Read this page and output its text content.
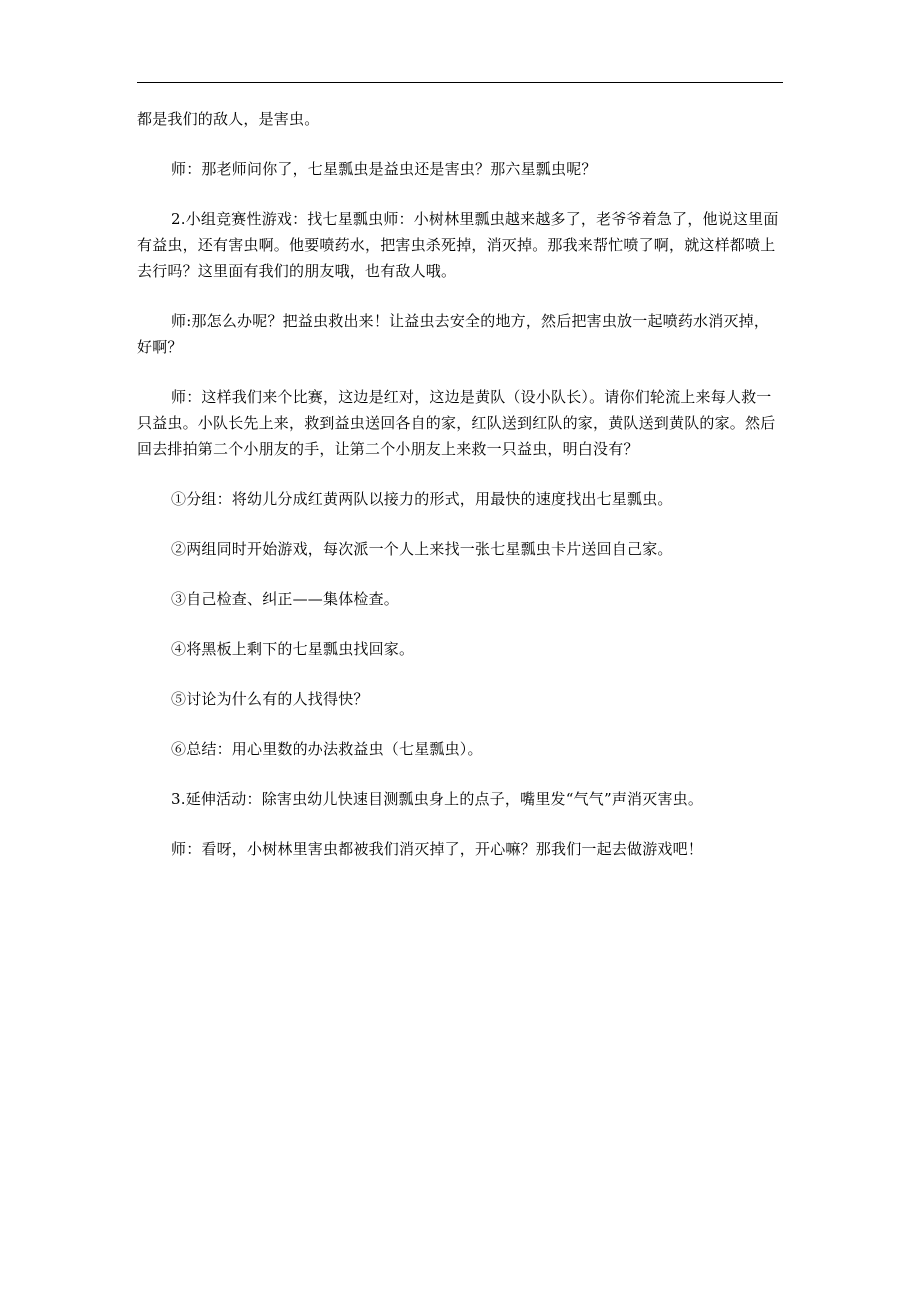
都是我们的敌人，是害虫。

师：那老师问你了，七星瓢虫是益虫还是害虫？那六星瓢虫呢？

2.小组竞赛性游戏：找七星瓢虫师：小树林里瓢虫越来越多了，老爷爷着急了，他说这里面有益虫，还有害虫啊。他要喷药水，把害虫杀死掉，消灭掉。那我来帮忙喷了啊，就这样都喷上去行吗？这里面有我们的朋友哦，也有敌人哦。

师:那怎么办呢？把益虫救出来！让益虫去安全的地方，然后把害虫放一起喷药水消灭掉，好啊？

师：这样我们来个比赛，这边是红对，这边是黄队（设小队长）。请你们轮流上来每人救一只益虫。小队长先上来，救到益虫送回各自的家，红队送到红队的家，黄队送到黄队的家。然后回去排拍第二个小朋友的手，让第二个小朋友上来救一只益虫，明白没有？

①分组：将幼儿分成红黄两队以接力的形式，用最快的速度找出七星瓢虫。

②两组同时开始游戏，每次派一个人上来找一张七星瓢虫卡片送回自己家。

③自己检查、纠正——集体检查。

④将黑板上剩下的七星瓢虫找回家。

⑤讨论为什么有的人找得快？

⑥总结：用心里数的办法救益虫（七星瓢虫）。

3.延伸活动：除害虫幼儿快速目测瓢虫身上的点子，嘴里发“气气”声消灭害虫。

师：看呀，小树林里害虫都被我们消灭掉了，开心嘛？那我们一起去做游戏吧！
